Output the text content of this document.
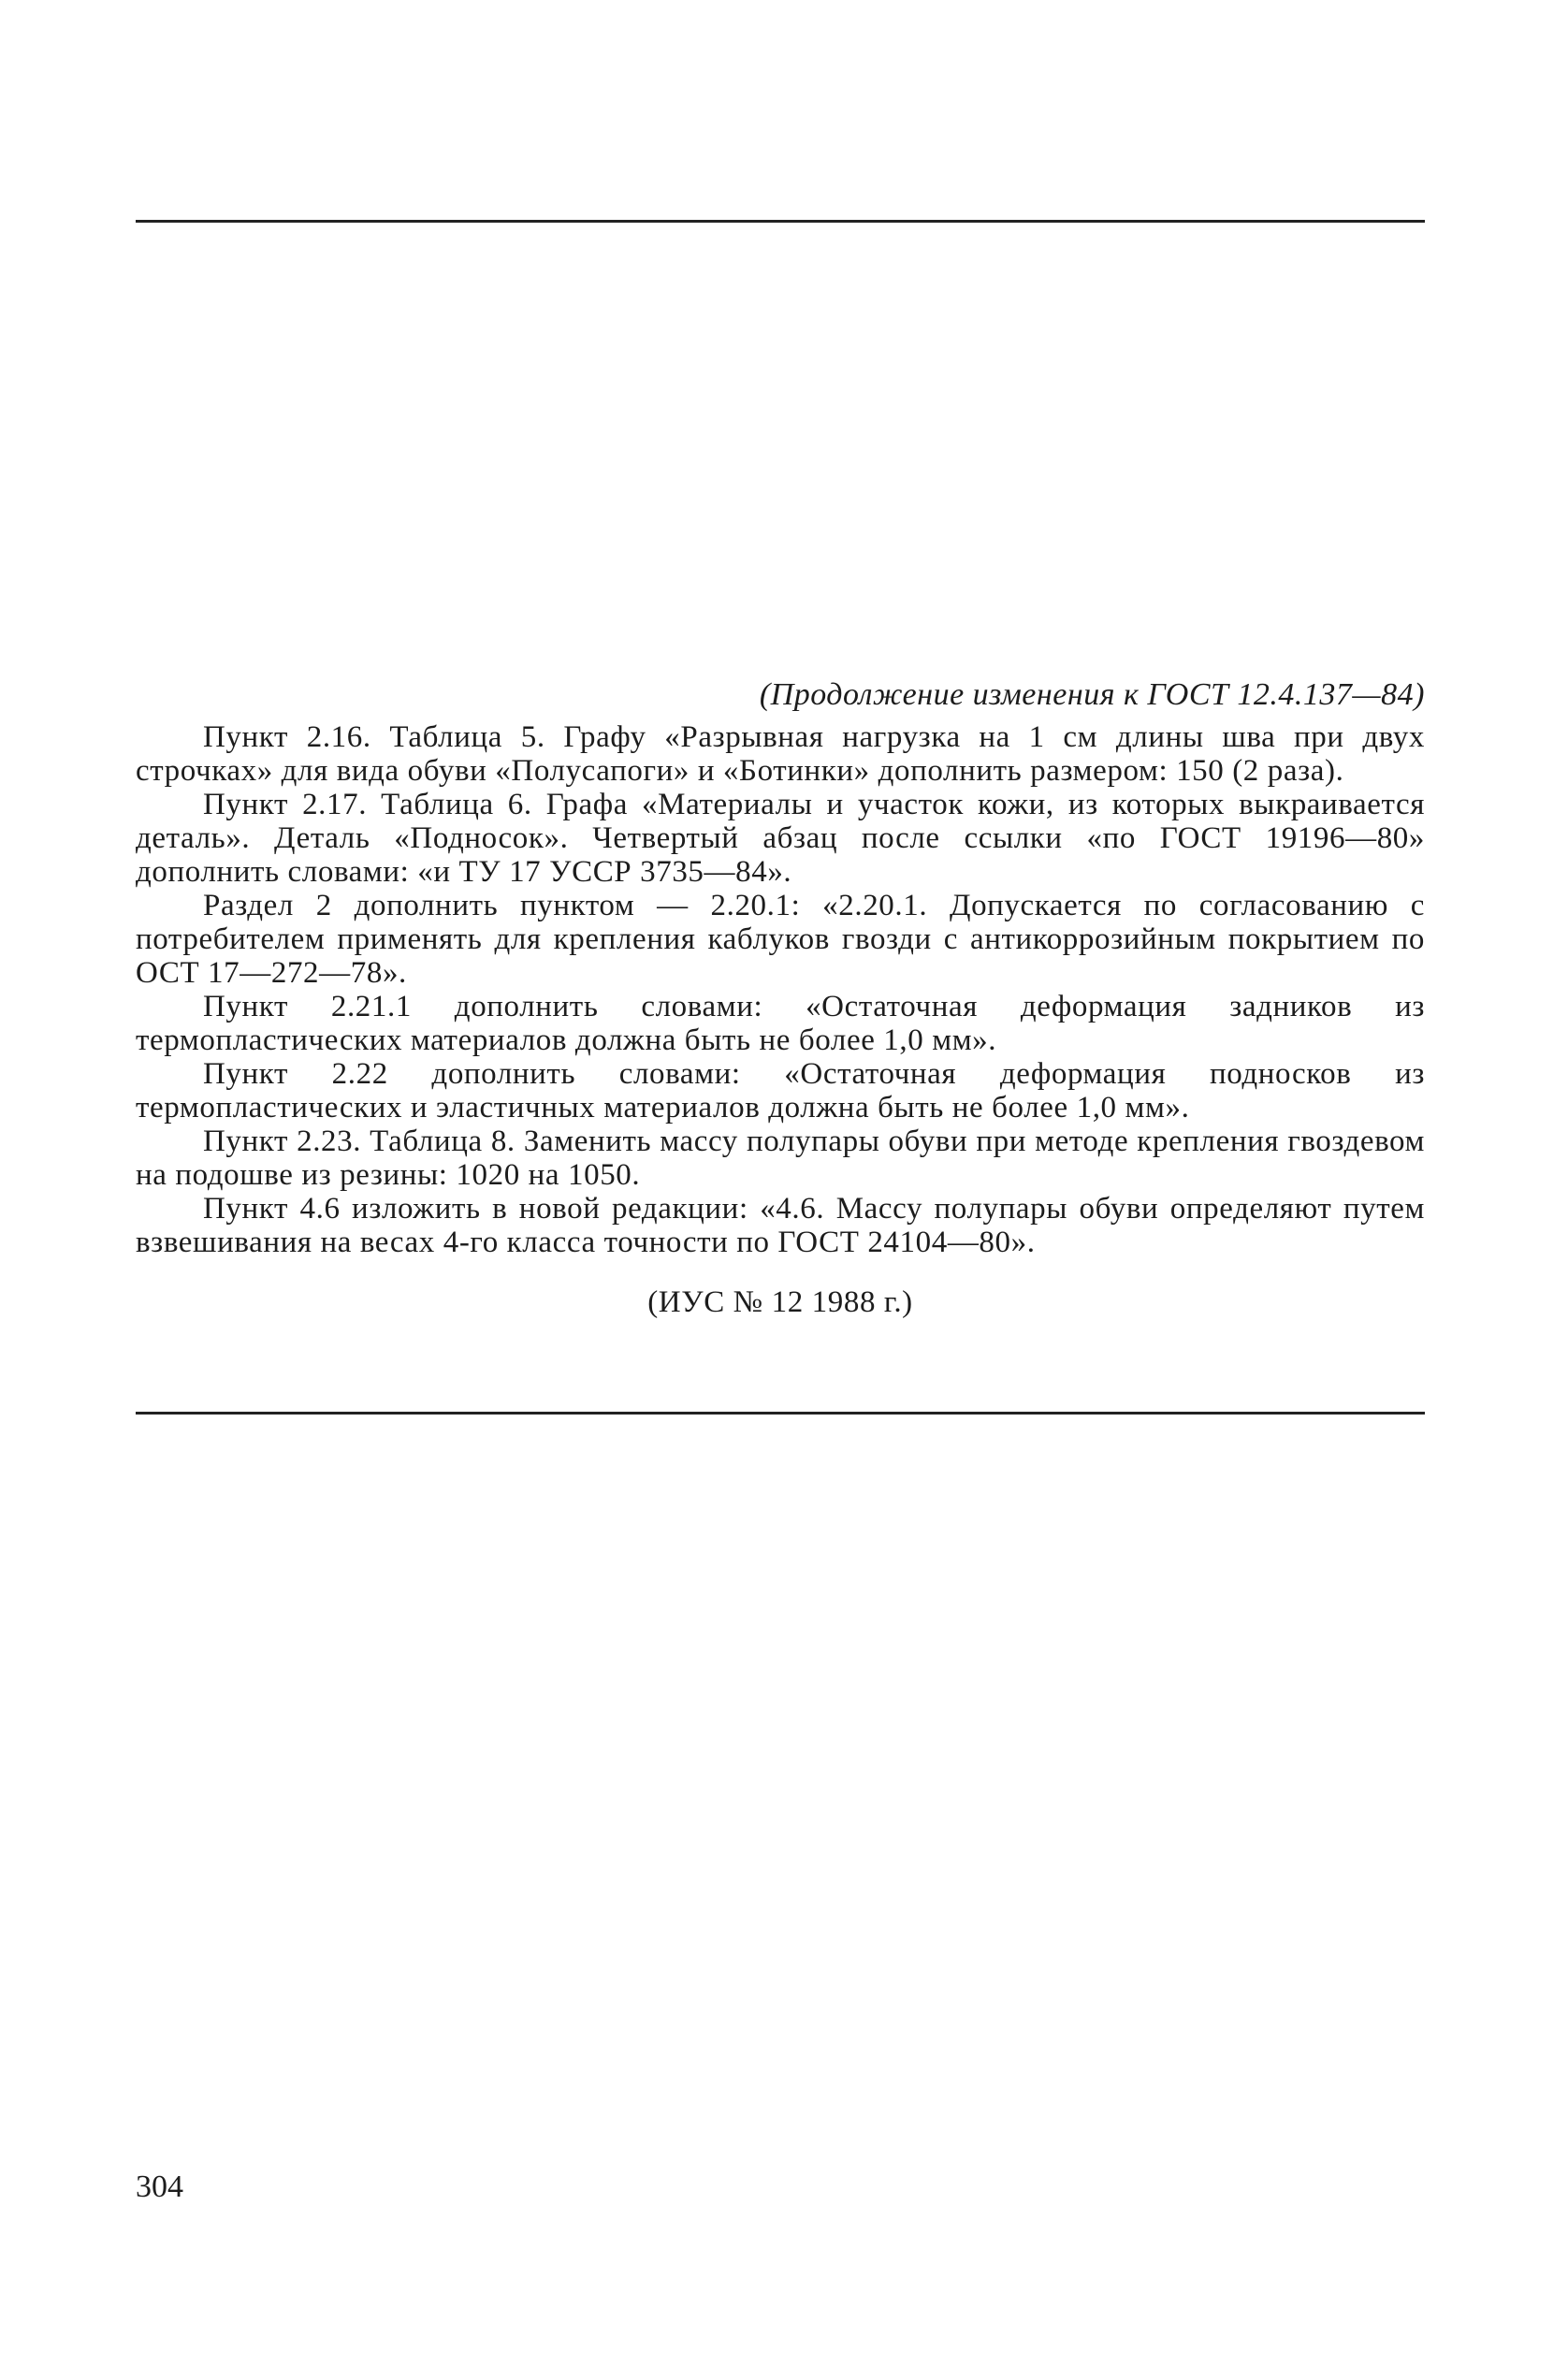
(Продолжение изменения к ГОСТ 12.4.137—84)

Пункт 2.16. Таблица 5. Графу «Разрывная нагрузка на 1 см длины шва при двух строчках» для вида обуви «Полусапоги» и «Ботинки» дополнить размером: 150 (2 раза).

Пункт 2.17. Таблица 6. Графа «Материалы и участок кожи, из которых выкраивается деталь». Деталь «Подносок». Четвертый абзац после ссылки «по ГОСТ 19196—80» дополнить словами: «и ТУ 17 УССР 3735—84».

Раздел 2 дополнить пунктом — 2.20.1: «2.20.1. Допускается по согласованию с потребителем применять для крепления каблуков гвозди с антикоррозийным покрытием по ОСТ 17—272—78».

Пункт 2.21.1 дополнить словами: «Остаточная деформация задников из термопластических материалов должна быть не более 1,0 мм».

Пункт 2.22 дополнить словами: «Остаточная деформация подносков из термопластических и эластичных материалов должна быть не более 1,0 мм».

Пункт 2.23. Таблица 8. Заменить массу полупары обуви при методе крепления гвоздевом на подошве из резины: 1020 на 1050.

Пункт 4.6 изложить в новой редакции: «4.6. Массу полупары обуви определяют путем взвешивания на весах 4-го класса точности по ГОСТ 24104—80».

(ИУС № 12 1988 г.)

304
